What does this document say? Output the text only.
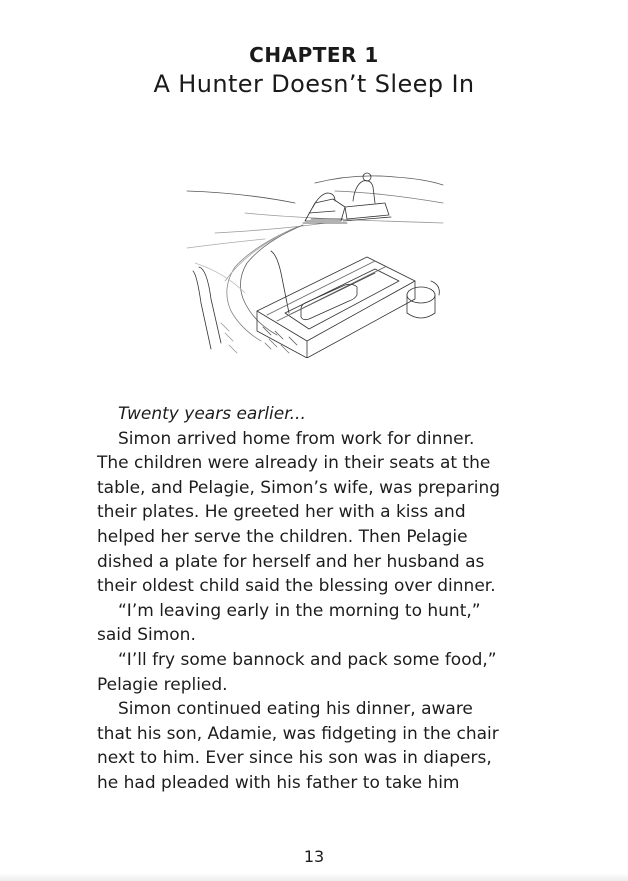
CHAPTER 1
A Hunter Doesn’t Sleep In
Twenty years earlier...
Simon arrived home from work for dinner.
The children were already in their seats at the
table, and Pelagie, Simon’s wife, was preparing
their plates. He greeted her with a kiss and
helped her serve the children. Then Pelagie
dished a plate for herself and her husband as
their oldest child said the blessing over dinner.
“I’m leaving early in the morning to hunt,”
said Simon.
“I’ll fry some bannock and pack some food,”
Pelagie replied.
Simon continued eating his dinner, aware
that his son, Adamie, was fidgeting in the chair
next to him. Ever since his son was in diapers,
he had pleaded with his father to take him
13
